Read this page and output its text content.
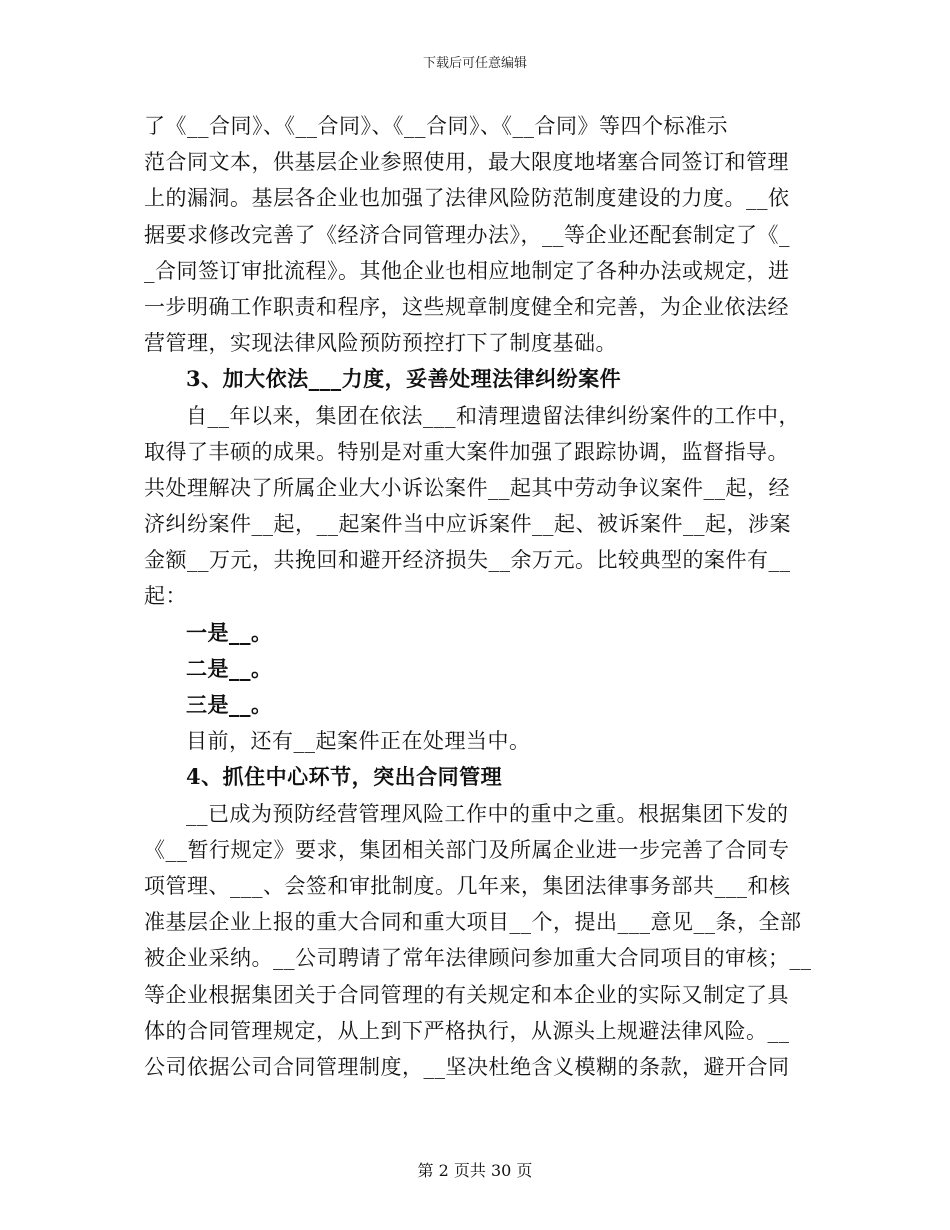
下载后可任意编辑
了《__合同》、《__合同》、《__合同》、《__合同》等四个标准示
范合同文本，供基层企业参照使用，最大限度地堵塞合同签订和管理
上的漏洞。基层各企业也加强了法律风险防范制度建设的力度。__依
据要求修改完善了《经济合同管理办法》，__等企业还配套制定了《_
_合同签订审批流程》。其他企业也相应地制定了各种办法或规定，进
一步明确工作职责和程序，这些规章制度健全和完善，为企业依法经
营管理，实现法律风险预防预控打下了制度基础。
3、加大依法___力度，妥善处理法律纠纷案件
自__年以来，集团在依法___和清理遗留法律纠纷案件的工作中，
取得了丰硕的成果。特别是对重大案件加强了跟踪协调，监督指导。
共处理解决了所属企业大小诉讼案件__起其中劳动争议案件__起，经
济纠纷案件__起，__起案件当中应诉案件__起、被诉案件__起，涉案
金额__万元，共挽回和避开经济损失__余万元。比较典型的案件有__
起：
一是__。
二是__。
三是__。
目前，还有__起案件正在处理当中。
4、抓住中心环节，突出合同管理
__已成为预防经营管理风险工作中的重中之重。根据集团下发的
《__暂行规定》要求，集团相关部门及所属企业进一步完善了合同专
项管理、___、会签和审批制度。几年来，集团法律事务部共___和核
准基层企业上报的重大合同和重大项目__个，提出___意见__条，全部
被企业采纳。__公司聘请了常年法律顾问参加重大合同项目的审核；__
等企业根据集团关于合同管理的有关规定和本企业的实际又制定了具
体的合同管理规定，从上到下严格执行，从源头上规避法律风险。__
公司依据公司合同管理制度，__坚决杜绝含义模糊的条款，避开合同
第 2 页共 30 页
